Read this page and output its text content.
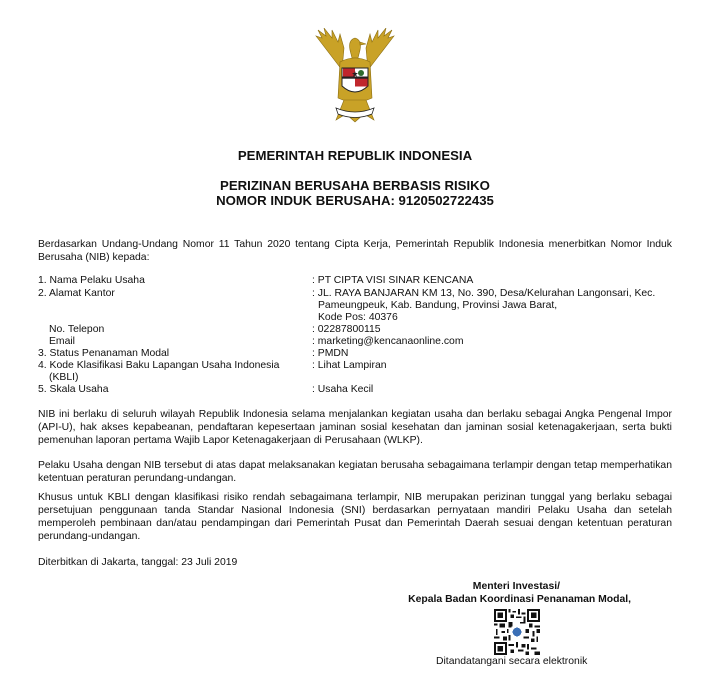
PEMERINTAH REPUBLIK INDONESIA
PERIZINAN BERUSAHA BERBASIS RISIKO
NOMOR INDUK BERUSAHA: 9120502722435
Berdasarkan Undang-Undang Nomor 11 Tahun 2020 tentang Cipta Kerja, Pemerintah Republik Indonesia menerbitkan Nomor Induk Berusaha (NIB) kepada:
1. Nama Pelaku Usaha	: PT CIPTA VISI SINAR KENCANA
2. Alamat Kantor	: JL. RAYA BANJARAN KM 13, No. 390, Desa/Kelurahan Langonsari, Kec.
Pameungpeuk, Kab. Bandung, Provinsi Jawa Barat,
Kode Pos: 40376
No. Telepon	: 02287800115
Email	: marketing@kencanaonline.com
3. Status Penanaman Modal	: PMDN
4. Kode Klasifikasi Baku Lapangan Usaha Indonesia	: Lihat Lampiran
(KBLI)
5. Skala Usaha	: Usaha Kecil
NIB ini berlaku di seluruh wilayah Republik Indonesia selama menjalankan kegiatan usaha dan berlaku sebagai Angka Pengenal Impor (API-U), hak akses kepabeanan, pendaftaran kepesertaan jaminan sosial kesehatan dan jaminan sosial ketenagakerjaan, serta bukti pemenuhan laporan pertama Wajib Lapor Ketenagakerjaan di Perusahaan (WLKP).
Pelaku Usaha dengan NIB tersebut di atas dapat melaksanakan kegiatan berusaha sebagaimana terlampir dengan tetap memperhatikan ketentuan peraturan perundang-undangan.
Khusus untuk KBLI dengan klasifikasi risiko rendah sebagaimana terlampir, NIB merupakan perizinan tunggal yang berlaku sebagai persetujuan penggunaan tanda Standar Nasional Indonesia (SNI) berdasarkan pernyataan mandiri Pelaku Usaha dan setelah memperoleh pembinaan dan/atau pendampingan dari Pemerintah Pusat dan Pemerintah Daerah sesuai dengan ketentuan peraturan perundang-undangan.
Diterbitkan di Jakarta, tanggal: 23 Juli 2019
Menteri Investasi/
Kepala Badan Koordinasi Penanaman Modal,
Ditandatangani secara elektronik
